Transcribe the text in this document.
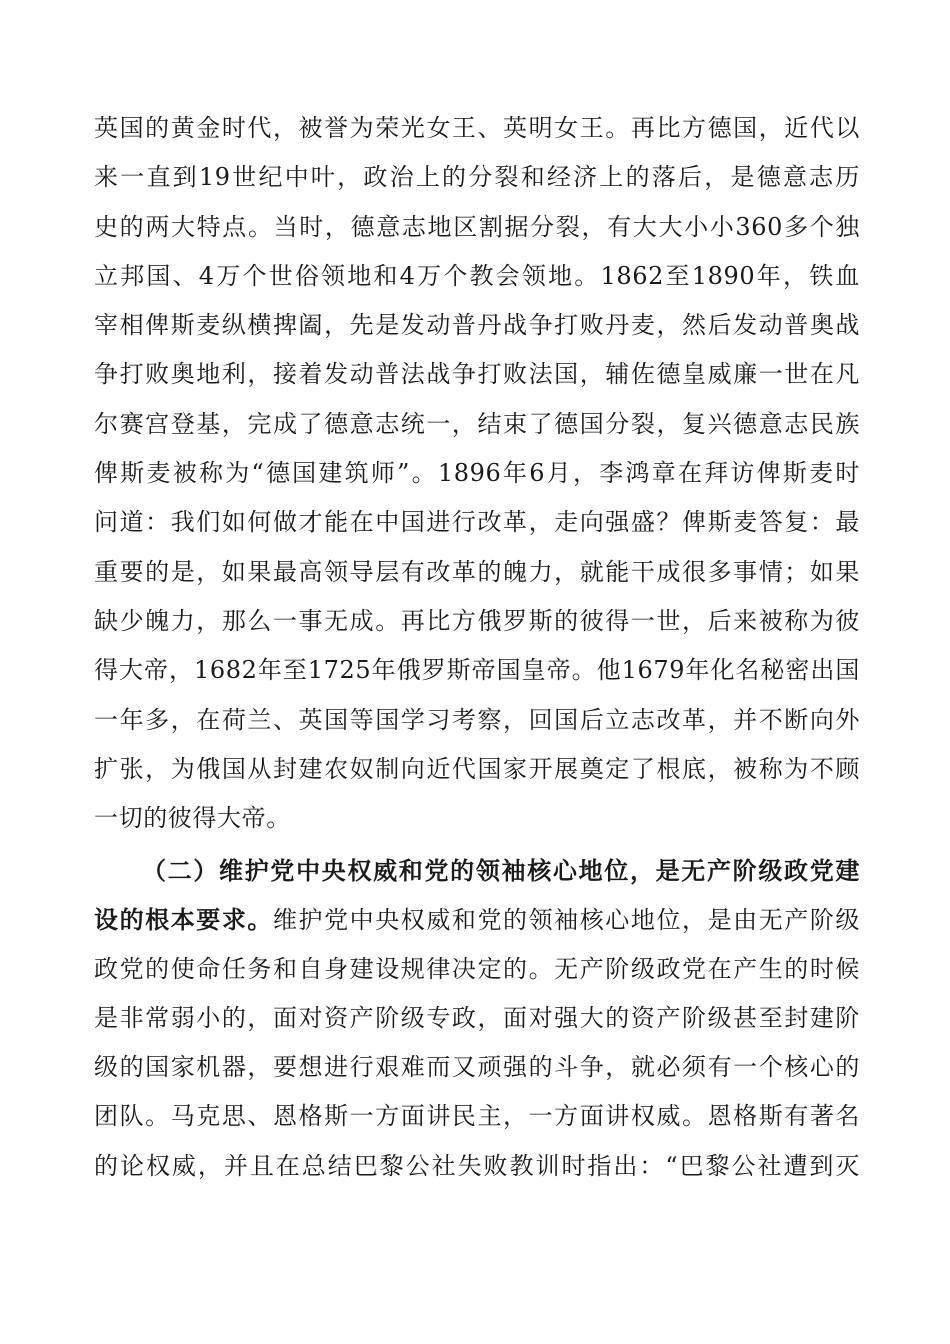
英国的黄金时代，被誉为荣光女王、英明女王。再比方德国，近代以
来一直到19世纪中叶，政治上的分裂和经济上的落后，是德意志历
史的两大特点。当时，德意志地区割据分裂，有大大小小360多个独
立邦国、4万个世俗领地和4万个教会领地。1862至1890年，铁血
宰相俾斯麦纵横捭阖，先是发动普丹战争打败丹麦，然后发动普奥战
争打败奥地利，接着发动普法战争打败法国，辅佐德皇威廉一世在凡
尔赛宫登基，完成了德意志统一，结束了德国分裂，复兴德意志民族
俾斯麦被称为“德国建筑师”。1896年6月，李鸿章在拜访俾斯麦时
问道：我们如何做才能在中国进行改革，走向强盛？俾斯麦答复：最
重要的是，如果最高领导层有改革的魄力，就能干成很多事情；如果
缺少魄力，那么一事无成。再比方俄罗斯的彼得一世，后来被称为彼
得大帝，1682年至1725年俄罗斯帝国皇帝。他1679年化名秘密出国
一年多，在荷兰、英国等国学习考察，回国后立志改革，并不断向外
扩张，为俄国从封建农奴制向近代国家开展奠定了根底，被称为不顾
一切的彼得大帝。
（二）维护党中央权威和党的领袖核心地位，是无产阶级政党建
设的根本要求。维护党中央权威和党的领袖核心地位，是由无产阶级
政党的使命任务和自身建设规律决定的。无产阶级政党在产生的时候
是非常弱小的，面对资产阶级专政，面对强大的资产阶级甚至封建阶
级的国家机器，要想进行艰难而又顽强的斗争，就必须有一个核心的
团队。马克思、恩格斯一方面讲民主，一方面讲权威。恩格斯有著名
的论权威，并且在总结巴黎公社失败教训时指出：“巴黎公社遭到灭
